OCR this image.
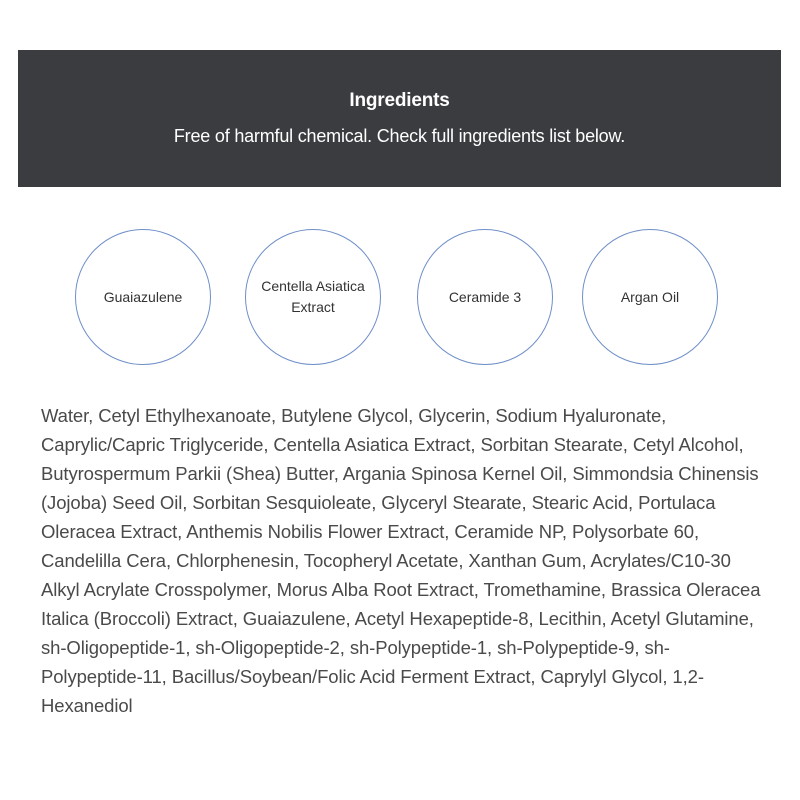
Ingredients
Free of harmful chemical. Check full ingredients list below.
Guaiazulene
Centella Asiatica Extract
Ceramide 3	Argan Oil
Water, Cetyl Ethylhexanoate, Butylene Glycol, Glycerin, Sodium Hyaluronate, Caprylic/Capric Triglyceride, Centella Asiatica Extract, Sorbitan Stearate, Cetyl Alcohol, Butyrospermum Parkii (Shea) Butter, Argania Spinosa Kernel Oil, Simmondsia Chinensis (Jojoba) Seed Oil, Sorbitan Sesquioleate, Glyceryl Stearate, Stearic Acid, Portulaca Oleracea Extract, Anthemis Nobilis Flower Extract, Ceramide NP, Polysorbate 60, Candelilla Cera, Chlorphenesin, Tocopheryl Acetate, Xanthan Gum, Acrylates/C10-30 Alkyl Acrylate Crosspolymer, Morus Alba Root Extract, Tromethamine, Brassica Oleracea Italica (Broccoli) Extract, Guaiazulene, Acetyl Hexapeptide-8, Lecithin, Acetyl Glutamine, sh-Oligopeptide-1, sh-Oligopeptide-2, sh-Polypeptide-1, sh-Polypeptide-9, sh-Polypeptide-11, Bacillus/Soybean/Folic Acid Ferment Extract, Caprylyl Glycol, 1,2-Hexanediol
